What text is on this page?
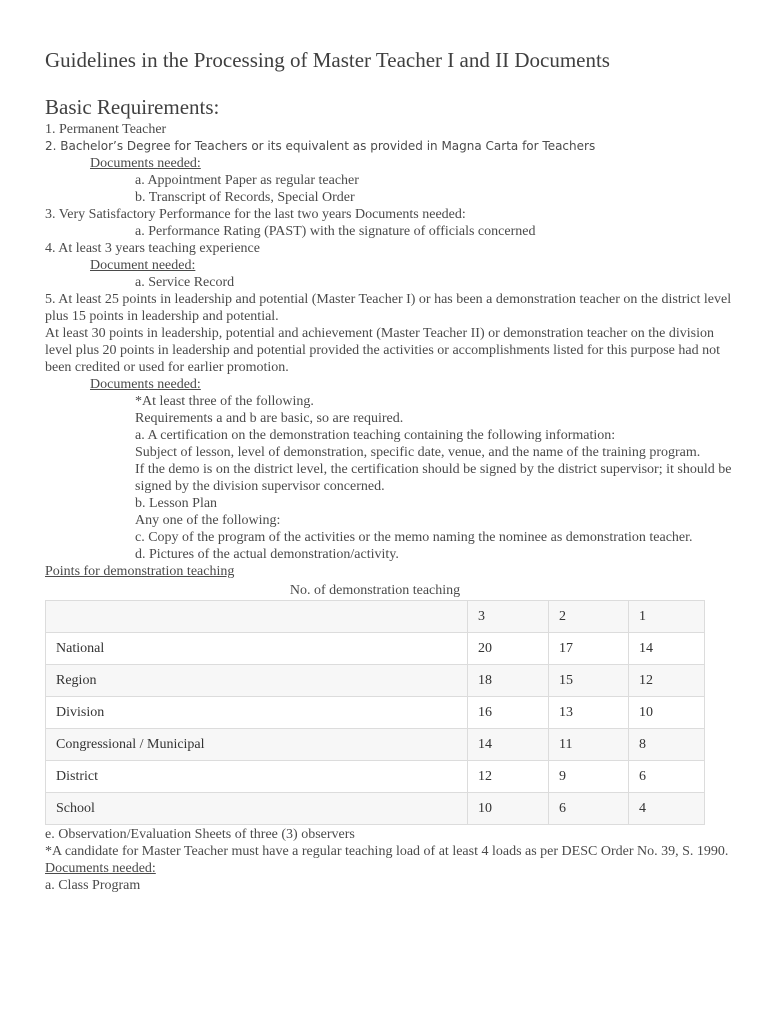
Guidelines in the Processing of Master Teacher I and II Documents
Basic Requirements:
1. Permanent Teacher
2. Bachelor’s Degree for Teachers or its equivalent as provided in Magna Carta for Teachers
Documents needed:
a. Appointment Paper as regular teacher
b. Transcript of Records, Special Order
3. Very Satisfactory Performance for the last two years Documents needed:
a. Performance Rating (PAST) with the signature of officials concerned
4. At least 3 years teaching experience
Document needed:
a. Service Record
5. At least 25 points in leadership and potential (Master Teacher I) or has been a demonstration teacher on the district level plus 15 points in leadership and potential.
At least 30 points in leadership, potential and achievement (Master Teacher II) or demonstration teacher on the division level plus 20 points in leadership and potential provided the activities or accomplishments listed for this purpose had not been credited or used for earlier promotion.
Documents needed:
*At least three of the following.
Requirements a and b are basic, so are required.
a. A certification on the demonstration teaching containing the following information:
Subject of lesson, level of demonstration, specific date, venue, and the name of the training program.
If the demo is on the district level, the certification should be signed by the district supervisor; it should be signed by the division supervisor concerned.
b. Lesson Plan
Any one of the following:
c. Copy of the program of the activities or the memo naming the nominee as demonstration teacher.
d. Pictures of the actual demonstration/activity.
Points for demonstration teaching
No. of demonstration teaching
	3	2	1
National	20	17	14
Region	18	15	12
Division	16	13	10
Congressional / Municipal	14	11	8
District	12	9	6
School	10	6	4
e. Observation/Evaluation Sheets of three (3) observers
*A candidate for Master Teacher must have a regular teaching load of at least 4 loads as per DESC Order No. 39, S. 1990.
Documents needed:
a. Class Program
